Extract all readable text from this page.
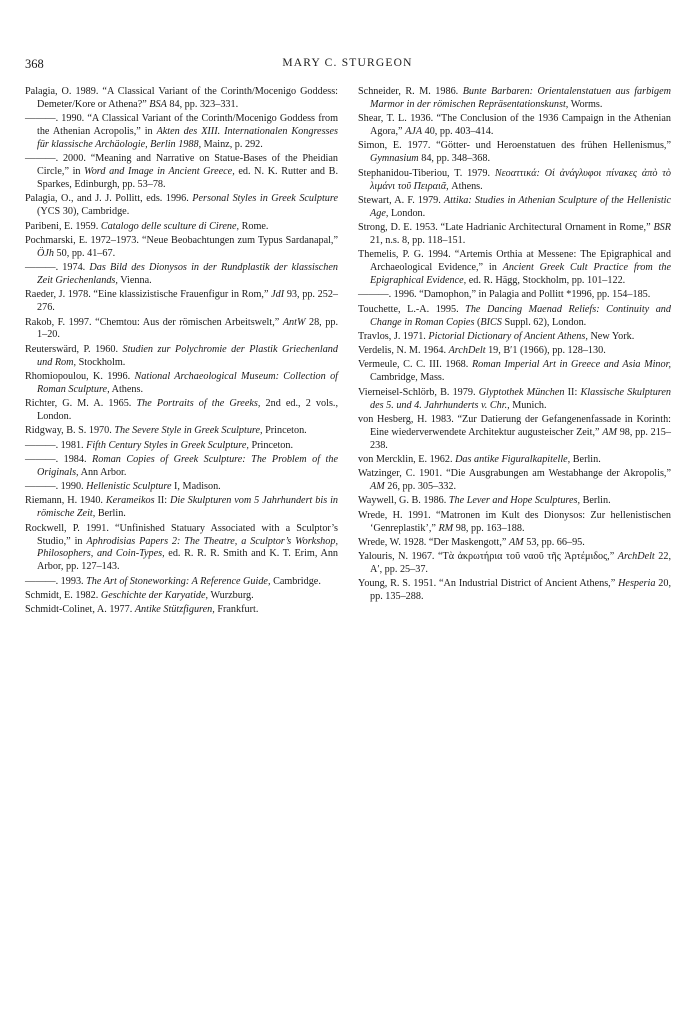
368	MARY C. STURGEON
Palagia, O. 1989. “A Classical Variant of the Corinth/Mocenigo Goddess: Demeter/Kore or Athena?” BSA 84, pp. 323–331.
———. 1990. “A Classical Variant of the Corinth/Mocenigo Goddess from the Athenian Acropolis,” in Akten des XIII. Internationalen Kongresses für klassische Archäologie, Berlin 1988, Mainz, p. 292.
———. 2000. “Meaning and Narrative on Statue-Bases of the Pheidian Circle,” in Word and Image in Ancient Greece, ed. N. K. Rutter and B. Sparkes, Edinburgh, pp. 53–78.
Palagia, O., and J. J. Pollitt, eds. 1996. Personal Styles in Greek Sculpture (YCS 30), Cambridge.
Paribeni, E. 1959. Catalogo delle sculture di Cirene, Rome.
Pochmarski, E. 1972–1973. “Neue Beobachtungen zum Typus Sardanapal,” ÖJh 50, pp. 41–67.
———. 1974. Das Bild des Dionysos in der Rundplastik der klassischen Zeit Griechenlands, Vienna.
Raeder, J. 1978. “Eine klassizistische Frauenfigur in Rom,” JdI 93, pp. 252–276.
Rakob, F. 1997. “Chemtou: Aus der römischen Arbeitswelt,” AntW 28, pp. 1–20.
Reuterswärd, P. 1960. Studien zur Polychromie der Plastik Griechenland und Rom, Stockholm.
Rhomiopoulou, K. 1996. National Archaeological Museum: Collection of Roman Sculpture, Athens.
Richter, G. M. A. 1965. The Portraits of the Greeks, 2nd ed., 2 vols., London.
Ridgway, B. S. 1970. The Severe Style in Greek Sculpture, Princeton.
———. 1981. Fifth Century Styles in Greek Sculpture, Princeton.
———. 1984. Roman Copies of Greek Sculpture: The Problem of the Originals, Ann Arbor.
———. 1990. Hellenistic Sculpture I, Madison.
Riemann, H. 1940. Kerameikos II: Die Skulpturen vom 5 Jahrhundert bis in römische Zeit, Berlin.
Rockwell, P. 1991. “Unfinished Statuary Associated with a Sculptor’s Studio,” in Aphrodisias Papers 2: The Theatre, a Sculptor’s Workshop, Philosophers, and Coin-Types, ed. R. R. R. Smith and K. T. Erim, Ann Arbor, pp. 127–143.
———. 1993. The Art of Stoneworking: A Reference Guide, Cambridge.
Schmidt, E. 1982. Geschichte der Karyatide, Wurzburg.
Schmidt-Colinet, A. 1977. Antike Stützfiguren, Frankfurt.
Schneider, R. M. 1986. Bunte Barbaren: Orientalenstatuen aus farbigem Marmor in der römischen Repräsentationskunst, Worms.
Shear, T. L. 1936. “The Conclusion of the 1936 Campaign in the Athenian Agora,” AJA 40, pp. 403–414.
Simon, E. 1977. “Götter- und Heroenstatuen des frühen Hellenismus,” Gymnasium 84, pp. 348–368.
Stephanidou-Tiberiou, T. 1979. Νεοαττικά: Οἱ ἀνάγλυφοι πίνακες ἀπὸ τὸ λιμάνι τοῦ Πειραιᾶ, Athens.
Stewart, A. F. 1979. Attika: Studies in Athenian Sculpture of the Hellenistic Age, London.
Strong, D. E. 1953. “Late Hadrianic Architectural Ornament in Rome,” BSR 21, n.s. 8, pp. 118–151.
Themelis, P. G. 1994. “Artemis Orthia at Messene: The Epigraphical and Archaeological Evidence,” in Ancient Greek Cult Practice from the Epigraphical Evidence, ed. R. Hägg, Stockholm, pp. 101–122.
———. 1996. “Damophon,” in Palagia and Pollitt *1996, pp. 154–185.
Touchette, L.-A. 1995. The Dancing Maenad Reliefs: Continuity and Change in Roman Copies (BICS Suppl. 62), London.
Travlos, J. 1971. Pictorial Dictionary of Ancient Athens, New York.
Verdelis, N. M. 1964. ArchDelt 19, Bʹ1 (1966), pp. 128–130.
Vermeule, C. C. III. 1968. Roman Imperial Art in Greece and Asia Minor, Cambridge, Mass.
Vierneisel-Schlörb, B. 1979. Glyptothek München II: Klassische Skulpturen des 5. und 4. Jahrhunderts v. Chr., Munich.
von Hesberg, H. 1983. “Zur Datierung der Gefangenenfassade in Korinth: Eine wiederverwendete Architektur augusteischer Zeit,” AM 98, pp. 215–238.
von Mercklin, E. 1962. Das antike Figuralkapitelle, Berlin.
Watzinger, C. 1901. “Die Ausgrabungen am Westabhange der Akropolis,” AM 26, pp. 305–332.
Waywell, G. B. 1986. The Lever and Hope Sculptures, Berlin.
Wrede, H. 1991. “Matronen im Kult des Dionysos: Zur hellenistischen ‘Genreplastik’,” RM 98, pp. 163–188.
Wrede, W. 1928. “Der Maskengott,” AM 53, pp. 66–95.
Yalouris, N. 1967. “Τὰ ἀκρωτήρια τοῦ ναοῦ τῆς Ἀρτέμιδος,” ArchDelt 22, Aʹ, pp. 25–37.
Young, R. S. 1951. “An Industrial District of Ancient Athens,” Hesperia 20, pp. 135–288.
